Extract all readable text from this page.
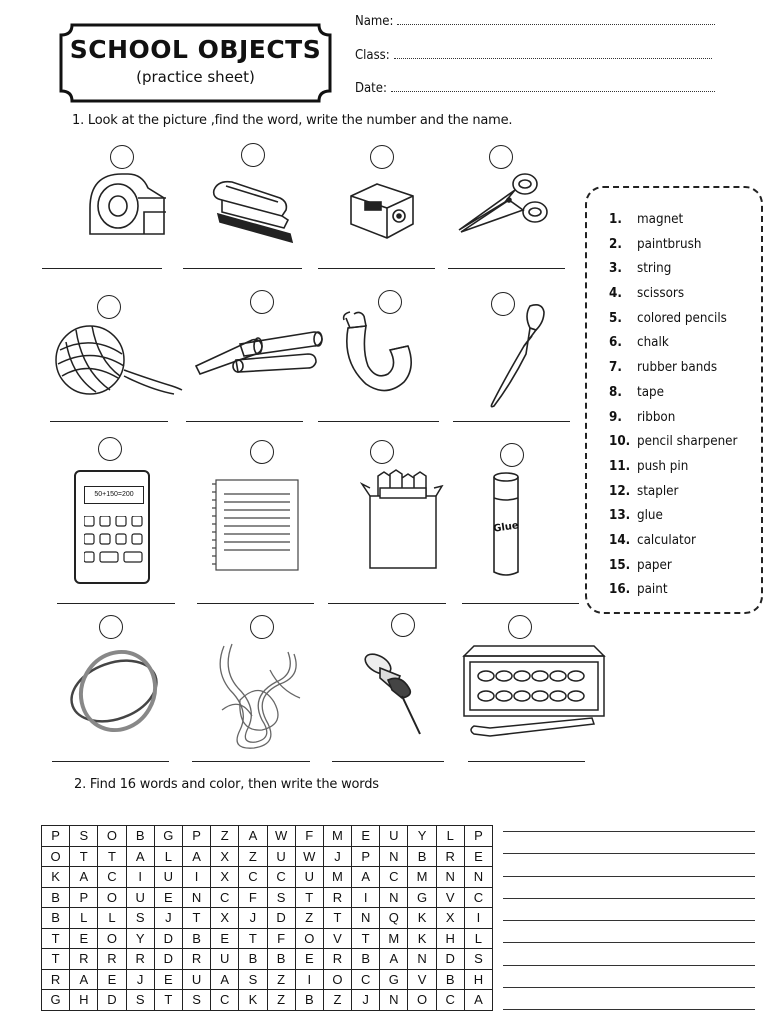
SCHOOL OBJECTS
(practice sheet)
Name:
Class:
Date:
1. Look at the picture ,find the word, write the number and the name.
50+150=200
Glue
1. magnet
2. paintbrush
3. string
4. scissors
5. colored pencils
6. chalk
7. rubber bands
8. tape
9. ribbon
10. pencil sharpener
11. push pin
12. stapler
13. glue
14. calculator
15. paper
16. paint
2. Find 16 words and color, then write the words
P	S	O	B	G	P	Z	A	W	F	M	E	U	Y	L	P
O	T	T	A	L	A	X	Z	U	W	J	P	N	B	R	E
K	A	C	I	U	I	X	C	C	U	M	A	C	M	N	N
B	P	O	U	E	N	C	F	S	T	R	I	N	G	V	C
B	L	L	S	J	T	X	J	D	Z	T	N	Q	K	X	I
T	E	O	Y	D	B	E	T	F	O	V	T	M	K	H	L
T	R	R	R	D	R	U	B	B	E	R	B	A	N	D	S
R	A	E	J	E	U	A	S	Z	I	O	C	G	V	B	H
G	H	D	S	T	S	C	K	Z	B	Z	J	N	O	C	A
